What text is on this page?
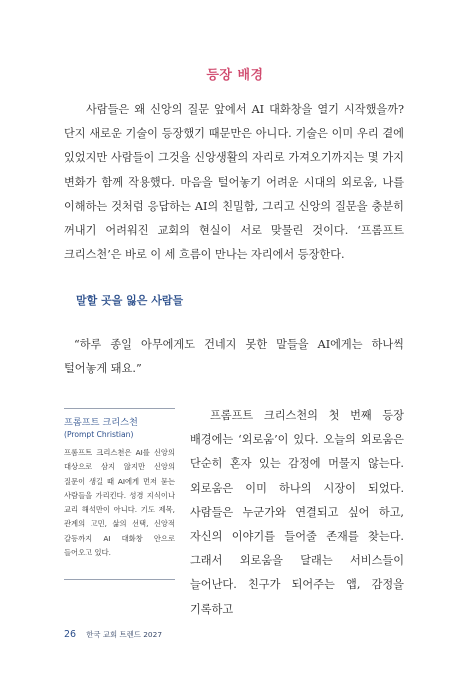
등장 배경

사람들은 왜 신앙의 질문 앞에서 AI 대화창을 열기 시작했을까? 단지 새로운 기술이 등장했기 때문만은 아니다. 기술은 이미 우리 곁에 있었지만 사람들이 그것을 신앙생활의 자리로 가져오기까지는 몇 가지 변화가 함께 작용했다. 마음을 털어놓기 어려운 시대의 외로움, 나를 이해하는 것처럼 응답하는 AI의 친밀함, 그리고 신앙의 질문을 충분히 꺼내기 어려워진 교회의 현실이 서로 맞물린 것이다. ‘프롬프트 크리스천’은 바로 이 세 흐름이 만나는 자리에서 등장한다.

말할 곳을 잃은 사람들

“하루 종일 아무에게도 건네지 못한 말들을 AI에게는 하나씩 털어놓게 돼요.”

프롬프트 크리스천
(Prompt Christian)
프롬프트 크리스천은 AI를 신앙의 대상으로 삼지 않지만 신앙의 질문이 생길 때 AI에게 먼저 묻는 사람들을 가리킨다. 성경 지식이나 교리 해석만이 아니다. 기도 제목, 관계의 고민, 삶의 선택, 신앙적 갈등까지 AI 대화창 안으로 들어오고 있다.

프롬프트 크리스천의 첫 번째 등장 배경에는 ‘외로움’이 있다. 오늘의 외로움은 단순히 혼자 있는 감정에 머물지 않는다. 외로움은 이미 하나의 시장이 되었다. 사람들은 누군가와 연결되고 싶어 하고, 자신의 이야기를 들어줄 존재를 찾는다. 그래서 외로움을 달래는 서비스들이 늘어난다. 친구가 되어주는 앱, 감정을 기록하고

26 한국 교회 트렌드 2027
